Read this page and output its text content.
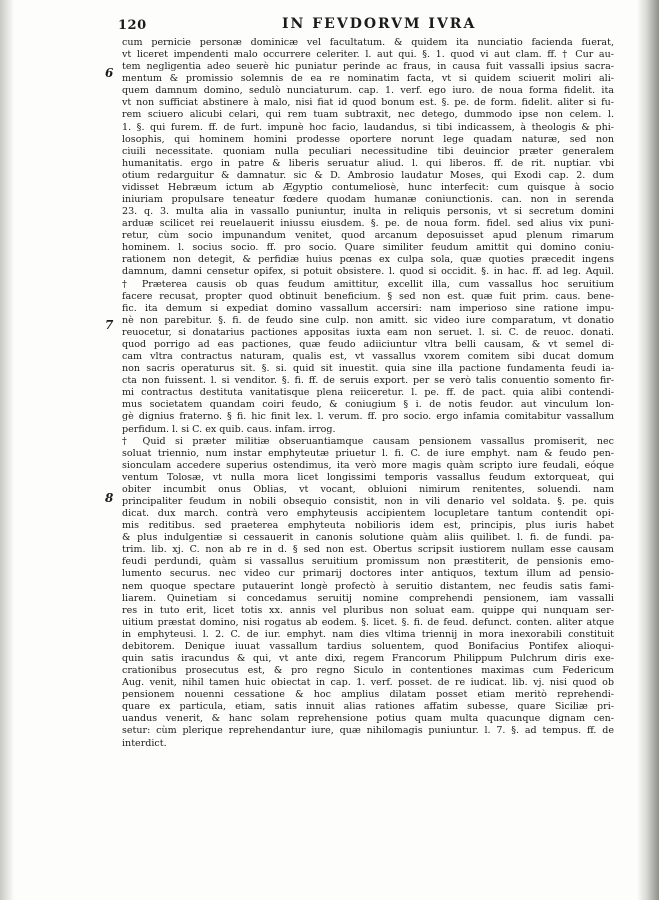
120	IN FEVDORVM IVRA
6
7
8
cum pernicie personæ dominicæ vel facultatum. & quidem ita nunciatio facienda fuerat,
vt liceret impendenti malo occurrere celeriter. l. aut qui. §. 1. quod vi aut clam. ff. † Cur au-
tem negligentia adeo seuerè hic puniatur perinde ac fraus, in causa fuit vassalli ipsius sacra-
mentum & promissio solemnis de ea re nominatim facta, vt si quidem sciuerit moliri ali-
quem damnum domino, sedulò nunciaturum. cap. 1. verf. ego iuro. de noua forma fidelit. ita
vt non sufficiat abstinere à malo, nisi fiat id quod bonum est. §. pe. de form. fidelit. aliter si fu-
rem sciuero alicubi celari, qui rem tuam subtraxit, nec detego, dummodo ipse non celem. l.
1. §. qui furem. ff. de furt. impunè hoc facio, laudandus, si tibi indicassem, à theologis & phi-
losophis, qui hominem homini prodesse oportere norunt lege quadam naturæ, sed non
ciuili necessitate. quoniam nulla peculiari necessitudine tibi deuincior præter generalem
humanitatis. ergo in patre & liberis seruatur aliud. l. qui liberos. ff. de rit. nuptiar. vbi
otium redarguitur & damnatur. sic & D. Ambrosio laudatur Moses, qui Exodi cap. 2. dum
vidisset Hebræum ictum ab Ægyptio contumeliosè, hunc interfecit: cum quisque à socio
iniuriam propulsare teneatur fœdere quodam humanæ coniunctionis. can. non in serenda
23. q. 3. multa alia in vassallo puniuntur, inulta in reliquis personis, vt si secretum domini
arduæ scilicet rei reuelauerit iniussu eiusdem. §. pe. de noua form. fidel. sed alius vix puni-
retur, cùm socio impunandum venitet, quod arcanum deposuisset apud plenum rimarum
hominem. l. socius socio. ff. pro socio. Quare similiter feudum amittit qui domino coniu-
rationem non detegit, & perfidiæ huius pœnas ex culpa sola, quæ quoties præcedit ingens
damnum, damni censetur opifex, si potuit obsistere. l. quod si occidit. §. in hac. ff. ad leg. Aquil.
† Præterea causis ob quas feudum amittitur, excellit illa, cum vassallus hoc seruitium
facere recusat, propter quod obtinuit beneficium. § sed non est. quæ fuit prim. caus. bene-
fic. ita demum si expediat domino vassallum accersiri: nam imperioso sine ratione impu-
nè non parebitur. §. fi. de feudo sine culp. non amitt. sic video iure comparatum, vt donatio
reuocetur, si donatarius pactiones appositas iuxta eam non seruet. l. si. C. de reuoc. donati.
quod porrigo ad eas pactiones, quæ feudo adiiciuntur vltra belli causam, & vt semel di-
cam vltra contractus naturam, qualis est, vt vassallus vxorem comitem sibi ducat domum
non sacris operaturus sit. §. si. quid sit inuestit. quia sine illa pactione fundamenta feudi ia-
cta non fuissent. l. si venditor. §. fi. ff. de seruis export. per se verò talis conuentio somento fir-
mi contractus destituta vanitatisque plena reiiceretur. l. pe. ff. de pact. quia alibi contendi-
mus societatem quandam coiri feudo, & coniugium § i. de notis feudor. aut vinculum lon-
gè dignius fraterno. § fi. hic finit lex. l. verum. ff. pro socio. ergo infamia comitabitur vassallum
perfidum. l. si C. ex quib. caus. infam. irrog.
† Quid si præter militiæ obseruantiamque causam pensionem vassallus promiserit, nec
soluat triennio, num instar emphyteutæ priuetur l. fi. C. de iure emphyt. nam & feudo pen-
sionculam accedere superius ostendimus, ita verò more magis quàm scripto iure feudali, eóque
ventum Tolosæ, vt nulla mora licet longissimi temporis vassallus feudum extorqueat, qui
obiter incumbit onus Oblias, vt vocant, obluioni nimirum renitentes, soluendi. nam
principaliter feudum in nobili obsequio consistit, non in vili denario vel soldata. §. pe. quis
dicat. dux march. contrà vero emphyteusis accipientem locupletare tantum contendit opi-
mis reditibus. sed praeterea emphyteuta nobilioris idem est, principis, plus iuris habet
& plus indulgentiæ si cessauerit in canonis solutione quàm aliis quilibet. l. fi. de fundi. pa-
trim. lib. xj. C. non ab re in d. § sed non est. Obertus scripsit iustiorem nullam esse causam
feudi perdundi, quàm si vassallus seruitium promissum non præstiterit, de pensionis emo-
lumento securus. nec video cur primarij doctores inter antiquos, textum illum ad pensio-
nem quoque spectare putauerint longè profectò à seruitio distantem, nec feudis satis fami-
liarem. Quinetiam si concedamus seruitij nomine comprehendi pensionem, iam vassalli
res in tuto erit, licet totis xx. annis vel pluribus non soluat eam. quippe qui nunquam ser-
uitium præstat domino, nisi rogatus ab eodem. §. licet. §. fi. de feud. defunct. conten. aliter atque
in emphyteusi. l. 2. C. de iur. emphyt. nam dies vltima triennij in mora inexorabili constituit
debitorem. Denique iuuat vassallum tardius soluentem, quod Bonifacius Pontifex alioqui-
quin satis iracundus & qui, vt ante dixi, regem Francorum Philippum Pulchrum diris exe-
crationibus prosecutus est, & pro regno Siculo in contentiones maximas cum Federicum
Aug. venit, nihil tamen huic obiectat in cap. 1. verf. posset. de re iudicat. lib. vj. nisi quod ob
pensionem nouenni cessatione & hoc amplius dilatam posset etiam meritò reprehendi-
quare ex particula, etiam, satis innuit alias rationes affatim subesse, quare Siciliæ pri-
uandus venerit, & hanc solam reprehensione potius quam multa quacunque dignam cen-
setur: cùm plerique reprehendantur iure, quæ nihilomagis puniuntur. l. 7. §. ad tempus. ff. de
interdict.
